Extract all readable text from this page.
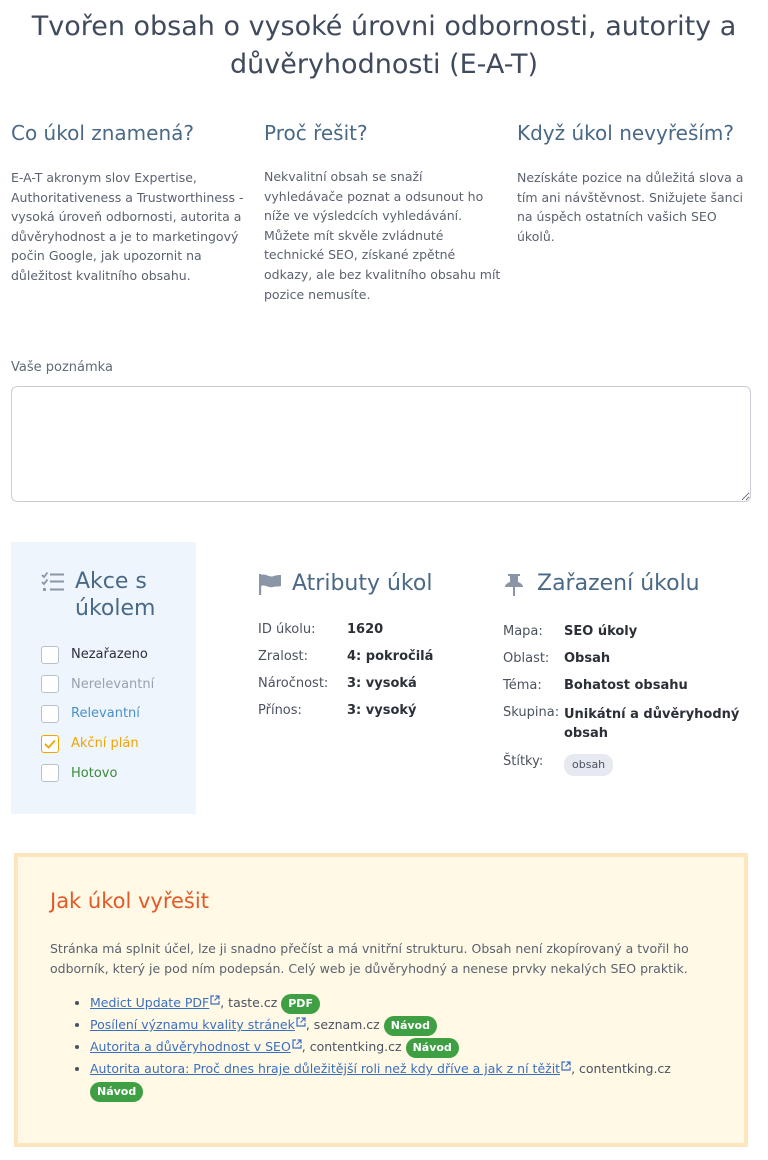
Tvořen obsah o vysoké úrovni odbornosti, autority a důvěryhodnosti (E-A-T)
Co úkol znamená?

E-A-T akronym slov Expertise, Authoritativeness a Trustworthiness - vysoká úroveň odbornosti, autorita a důvěryhodnost a je to marketingový počin Google, jak upozornit na důležitost kvalitního obsahu.

Proč řešit?

Nekvalitní obsah se snaží vyhledávače poznat a odsunout ho níže ve výsledcích vyhledávání. Můžete mít skvěle zvládnuté technické SEO, získané zpětné odkazy, ale bez kvalitního obsahu mít pozice nemusíte.

Když úkol nevyřeším?

Nezískáte pozice na důležitá slova a tím ani návštěvnost. Snižujete šanci na úspěch ostatních vašich SEO úkolů.

Vaše poznámka
Akce s úkolem
Nezařazeno
Nerelevantní
Relevantní
Akční plán
Hotovo
Atributy úkol
ID úkolu:	1620
Zralost:	4: pokročilá
Náročnost:	3: vysoká
Přínos:	3: vysoký
Zařazení úkolu
Mapa:	SEO úkoly
Oblast:	Obsah
Téma:	Bohatost obsahu
Skupina:	Unikátní a důvěryhodný obsah
Štítky:	obsah
Jak úkol vyřešit

Stránka má splnit účel, lze ji snadno přečíst a má vnitřní strukturu. Obsah není zkopírovaný a tvořil ho odborník, který je pod ním podepsán. Celý web je důvěryhodný a nenese prvky nekalých SEO praktik.

• Medict Update PDF , taste.cz PDF
• Posílení významu kvality stránek , seznam.cz Návod
• Autorita a důvěryhodnost v SEO , contentking.cz Návod
• Autorita autora: Proč dnes hraje důležitější roli než kdy dříve a jak z ní těžit , contentking.cz Návod
